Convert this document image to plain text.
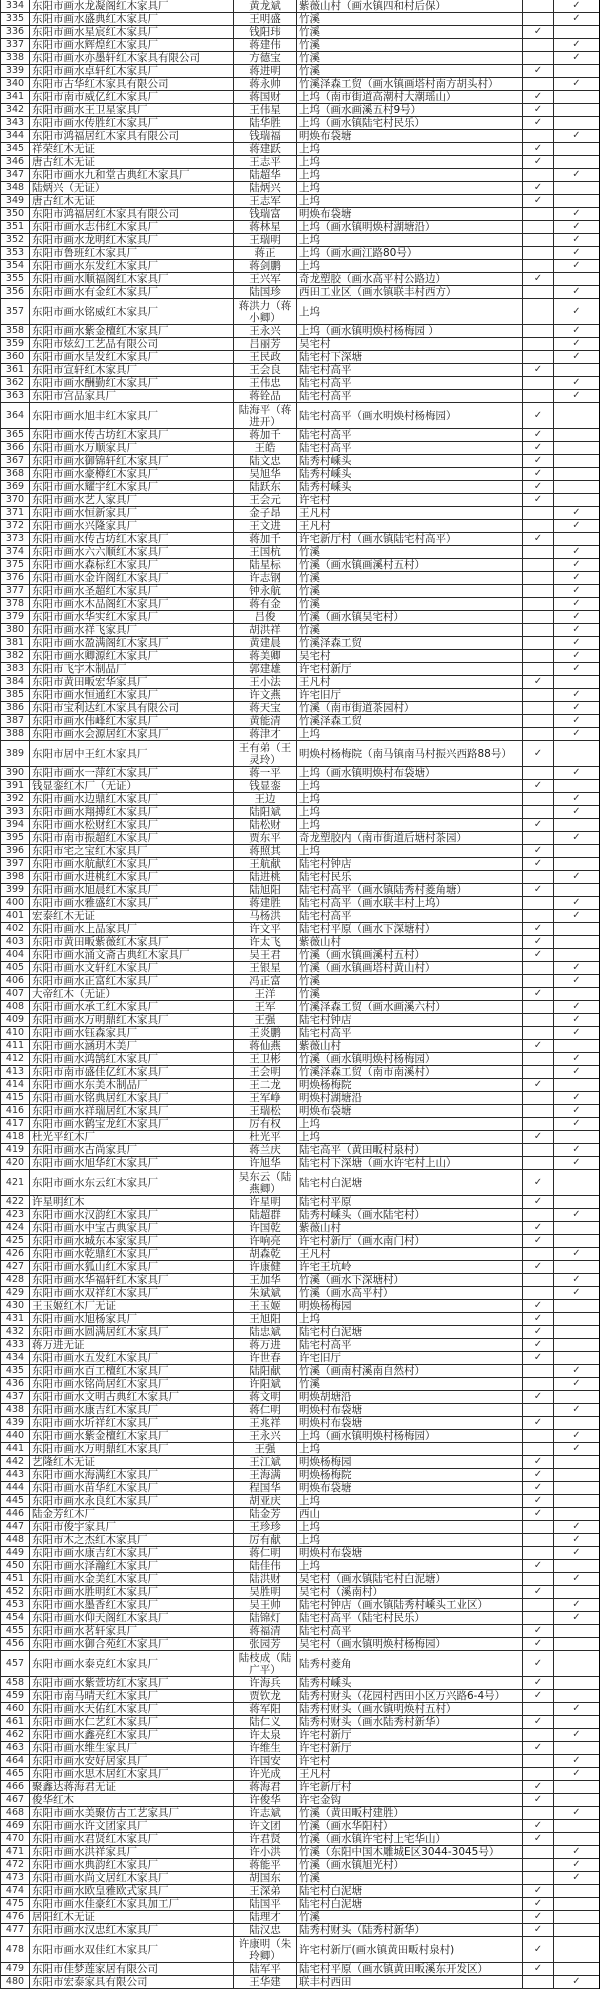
334	东阳市画水龙凝阁红木家具厂	黄龙斌	紫薇山村（画水镇四和村后保）		✓
335	东阳市画水盛典红木家具厂	王明盛	竹溪		✓
336	东阳市画水星宸红木家具厂	钱阳玮	竹溪	✓	
337	东阳市画水辉煌红木家具厂	蒋建伟	竹溪		✓
338	东阳市画水亦墨轩红木家具有限公司	方德宝	竹溪		✓
339	东阳市画水卓轩红木家具厂	蒋进明	竹溪	✓	
340	东阳市古华红木家具有限公司	蒋永帅	竹溪泽森工贸（画水镇画塔村南方胡头村）		✓
341	东阳市南市威亿红木家具厂	蒋国财	上坞（南市街道高潮村大潮瑶山）	✓	
342	东阳市画水王卫星家具厂	王伟星	上坞（画水画溪五村9号）	✓	
343	东阳市画水传胜红木家具厂	陆华胜	上坞（画水镇陆宅村民乐）	✓	
344	东阳市鸿福居红木家具有限公司	钱瑞福	明焕布袋塘		✓
345	祥荣红木无证	蒋建跃	上坞	✓	
346	唐古红木无证	王志平	上坞	✓	
347	东阳市画水九和堂古典红木家具厂	陆超华	上坞		✓
348	陆炳兴（无证）	陆炳兴	上坞	✓	
349	唐古红木无证	王志军	上坞	✓	
350	东阳市鸿福居红木家具有限公司	钱瑞富	明焕布袋塘		✓
351	东阳市画水志伟红木家具厂	蒋林星	上坞（画水镇明焕村湖塘沿）		✓
352	东阳市画水龙明红木家具厂	王瑞明	上坞		✓
353	东阳市鲁班红木家具厂	蒋正	上坞（画水画江路80号）		✓
354	东阳市画水东发红木家具厂	蒋剑鹏	上坞		✓
355	东阳市画水顺福阁红木家具厂	王兴军	奇龙塑胶（画水高平村公路边）	✓	
356	东阳市画水有金红木家具厂	陆国珍	西田工业区（画水镇联丰村西方）		✓
357	东阳市画水铭威红木家具厂	蒋洪力（蒋小卿）	上坞		✓
358	东阳市画水紫金檀红木家具厂	王永兴	上坞（画水镇明焕村杨梅园 ）		✓
359	东阳市炫幻工艺品有限公司	吕丽芳	吴宅村		✓
360	东阳市画水呈发红木家具厂	王民政	陆宅村下深塘		✓
361	东阳市宣轩红木家具厂	王会良	陆宅村高平	✓	
362	东阳市画水酬勤红木家具厂	王伟忠	陆宅村高平		✓
363	东阳市宫品家具厂	蒋铨品	陆宅村高平		✓
364	东阳市画水旭丰红木家具厂	陆海平（蒋进开）	陆宅村高平（画水明焕村杨梅园）	✓	
365	东阳市画水传古坊红木家具厂	蒋加千	陆宅村高平	✓	
366	东阳市画水万顺家具厂	王皓	陆宅村高平	✓	
367	东阳市画水御锦轩红木家具厂	陆文忠	陆秀村嵊头	✓	
368	东阳市画水豪樽红木家具厂	吴旭华	陆秀村嵊头	✓	
369	东阳市画水耀宇红木家具厂	陆跃东	陆秀村嵊头	✓	
370	东阳市画水艺人家具厂	王会元	许宅村	✓	
371	东阳市画水恒新家具厂	金子昂	王凡村		✓
372	东阳市画水兴隆家具厂	王文进	王凡村		✓
373	东阳市画水传古坊红木家具厂	蒋加千	许宅新厅村（画水镇陆宅村高平）	✓	
374	东阳市画水六六顺红木家具厂	王国杭	竹溪		✓
375	东阳市画水森标红木家具厂	陆星标	竹溪（画水镇画溪村五村）		✓
376	东阳市画水金许阁红木家具厂	许志钢	竹溪		✓
377	东阳市画水圣超红木家具厂	钟永航	竹溪		✓
378	东阳市画水木品阁红木家具厂	蒋有金	竹溪		✓
379	东阳市画水华实红木家具厂	吕俊	竹溪（画水镇吴宅村）		✓
380	东阳市画水祥飞家具厂	胡洪祥	竹溪		✓
381	东阳市画水盈满阁红木家具厂	黄建晨	竹溪泽森工贸		✓
382	东阳市画水卿源红木家具厂	蒋美卿	吴宅村		✓
383	东阳市飞宇木制品厂	郭建雄	许宅村新厅		✓
384	东阳市黄田畈宏华家具厂	王小法	王凡村	✓	
385	东阳市画水恒通红木家具厂	许文燕	许宅旧厅		✓
386	东阳市宝利达红木家具有限公司	蒋天宝	竹溪（南市街道茶园村）		✓
387	东阳市画水伟峰红木家具厂	黄能清	竹溪泽森工贸		✓
388	东阳市画水会源居红木家具厂	蒋津才	上坞		✓
389	东阳市居中王红木家具厂	王有弟（王灵玲）	明焕村杨梅院（南马镇南马村振兴西路88号）	✓	
390	东阳市画水一萍红木家具厂	蒋一平	上坞（画水镇明焕村布袋塘）		✓
391	钱显銮红木厂（无证）	钱显銮	上坞	✓	
392	东阳市画水边鼎红木家具厂	王边	上坞		✓
393	东阳市画水翔搏红木家具厂	陆阳斌	上坞		✓
394	东阳市画水松财红木家具厂	陆松财	上坞	✓	
395	东阳市南市振超红木家具厂	贾东平	奇龙塑胶内（南市街道后塘村茶园）		✓
396	东阳市宅之宝红木家具厂	蒋照其	上坞	✓	
397	东阳市画水航献红木家具厂	王航献	陆宅村钟店	✓	
398	东阳市画水进桃红木家具厂	陆进桃	陆宅村民乐		✓
399	东阳市画水旭晨红木家具厂	陆旭阳	陆宅村高平（画水镇陆秀村菱角塘）	✓	
400	东阳市画水雅盛红木家具厂	蒋建胜	陆宅村高平（画水联丰村上坞）		✓
401	宏泰红木无证	马杨洪	陆宅村高平		✓
402	东阳市画水上品家具厂	许文平	陆宅村平原（画水下深塘村）	✓	
403	东阳市黄田畈紫薇红木家具厂	许太飞	紫薇山村	✓	
404	东阳市画水涌文斋古典红木家具厂	吴王君	竹溪（画水镇画溪村五村）	✓	
405	东阳市画水文轩红木家具厂	王银星	竹溪（画水镇画塔村黄山村）		✓
406	东阳市画水正富红木家具厂	冯正富	竹溪		✓
407	大帝红木（无证）	王洋	竹溪	✓	
408	东阳市画水承工红木家具厂	王军	竹溪泽森工贸（画水画溪六村）		✓
409	东阳市画水万明鼎红木家具厂	王强	陆宅村钟店		✓
410	东阳市画水钰森家具厂	王炎鹏	陆宅村高平		✓
411	东阳市画水涵玥木美厂	蒋仙燕	紫薇山村	✓	
412	东阳市画水鸿鹄红木家具厂	王卫彬	竹溪（画水镇明焕村杨梅园）		✓
413	东阳市南市盛佳亿红木家具厂	王会明	竹溪泽森工贸（南市南溪村）		✓
414	东阳市画水东美木制品厂	王二龙	明焕杨梅院	✓	
415	东阳市画水铭典居红木家具厂	王军峥	明焕村湖塘沿		✓
416	东阳市画水祥瑞居红木家具厂	王瑞松	明焕布袋塘		✓
417	东阳市画水鹤宝龙红木家具厂	厉有权	上坞		✓
418	杜光平红木厂	杜光平	上坞	✓	
419	东阳市画水古尚家具厂	蒋兰庆	陆宅高平（黄田畈村泉村）		✓
420	东阳市画水旭华红木家具厂	许旭华	陆宅村下深塘（画水许宅村上山）		✓
421	东阳市画水东云红木家具厂	吴东云（陆燕卿）	陆宅村白泥塘	✓	
422	许星明红木	许星明	陆宅村平原	✓	
423	东阳市画水汉韵红木家具厂	陆超群	陆秀村嵊头（画水陆宅村）		✓
424	东阳市画水中宝古典家具厂	许国乾	紫薇山村	✓	
425	东阳市画水城东本家家具厂	许响亮	许宅村新厅（画水南门村）	✓	
426	东阳市画水乾鼎红木家具厂	胡森乾	王凡村		✓
427	东阳市画水狐山红木家具厂	许康健	许宅王坑岭	✓	
428	东阳市画水华福轩红木家具厂	王加华	竹溪（画水下深塘村）		✓
429	东阳市画水双祥红木家具厂	朱斌斌	竹溪（画水高平村）		✓
430	王玉姬红木厂无证	王玉姬	明焕杨梅园	✓	
431	东阳市画水旭杨家具厂	王旭阳	上坞	✓	
432	东阳市画水圆满居红木家具厂	陆忠斌	陆宅村白泥塘	✓	
433	蒋万进无证	蒋万进	陆宅村高平	✓	
434	东阳市画水五发红木家具厂	许世春	许宅旧厅	✓	
435	东阳市画水百工檀红木家具厂	陆阳献	竹溪（画南村溪南自然村）		✓
436	东阳市画水铭尚居红木家具厂	许阳斌	竹溪		✓
437	东阳市画水文明古典红木家具厂	蒋文明	明焕胡塘沿	✓	
438	东阳市画水康吉红木家具厂	蒋仁明	明焕村布袋塘		✓
439	东阳市画水圻祥红木家具厂	王兆祥	明焕村布袋塘	✓	
440	东阳市画水紫金檀红木家具厂	王永兴	上坞（画水镇明焕村杨梅园）		✓
441	东阳市画水万明鼎红木家具厂	王强	上坞		✓
442	艺隆红木无证	王江斌	明焕杨梅园	✓	
443	东阳市画水海满红木家具厂	王海满	明焕杨梅院	✓	
444	东阳市画水苗华红木家具厂	程国华	明焕布袋塘	✓	
445	东阳市画水永良红木家具厂	胡亚庆	上坞	✓	
446	陆金芳红木厂	陆金芳	西山	✓	
447	东阳市俊宇家具厂	王珍珍	上坞		✓
448	东阳市木之杰红木家具厂	厉有献	上坞		✓
449	东阳市画水康吉红木家具厂	蒋仁明	明焕村布袋塘		✓
450	东阳市画水泽瀚红木家具厂	陆佳伟	上坞	✓	
451	东阳市画水金美红木家具厂	陆洪财	吴宅村（画水镇陆宅村白泥塘）		✓
452	东阳市画水胜明红木家具厂	吴胜明	吴宅村（溪南村）	✓	
453	东阳市画水墨香红木家具厂	吴王帅	陆宅村钟店（画水镇陆秀村嵊头工业区）		✓
454	东阳市画水仰天阁红木家具厂	陆锦灯	陆宅村高平（陆宅村民乐）		✓
455	东阳市画水茗轩家具厂	蒋福清	陆宅村高平	✓	
456	东阳市画水御合苑红木家具厂	张园芳	吴宅村（画水镇明焕村杨梅园）	✓	
457	东阳市画水泰克红木家具厂	陆枝成（陆广平）	陆秀村菱角	✓	
458	东阳市画水紫萱坊红木家具厂	许海兵	陆秀村嵊头	✓	
459	东阳市南马晴天红木家具厂	贾钦龙	陆秀村财头（花园村西田小区万兴路6-4号）	✓	
460	东阳市画水天佑红木家具厂	蒋军阳	陆秀村财头（画水镇明焕村五村）		✓
461	东阳市画水仁艺红木家具厂	陆仁义	陆秀村财头（画水陆秀村新华）	✓	
462	东阳市画水鑫亮红木家具厂	许太泉	许宅村新厅		✓
463	东阳市画水维生家具厂	许维生	许宅村新厅	✓	
464	东阳市画水安好居家具厂	许国安	许宅村		✓
465	东阳市画水思木居红木家具厂	许光成	王凡村		✓
466	聚鑫达蒋海君无证	蒋海君	许宅新厅村	✓	
467	俊华红木	许俊华	许宅金钩	✓	
468	东阳市画水美聚仿古工艺家具厂	许志斌	竹溪（黄田畈村建胜）		✓
469	东阳市画水许文团家具厂	许文团	竹溪（画水华阳村）	✓	
470	东阳市画水君贤红木家具厂	许君贤	竹溪（画水镇许宅村上宅华山）	✓	
471	东阳市画水洪祥家具厂	许小洪	竹溪（东阳中国木雕城E区3044-3045号）		✓
472	东阳市画水典韵红木家具厂	蒋能平	竹溪（画水镇旭光村）		✓
473	东阳市画水尚文居红木家具厂	胡国东	竹溪		✓
474	东阳市画水欧皇雅欧式家具厂	王深弟	陆宅村白泥塘	✓	
475	东阳市画水佳豪红木家具加工厂	陆国平	陆宅村白泥塘	✓	
476	居阳红木无证	陆理才	竹溪	✓	
477	东阳市画水汉忠红木家具厂	陆汉忠	陆秀村财头（陆秀村新华）	✓	
478	东阳市画水双佳红木家具厂	许康明（朱玲卿）	许宅村新厅(画水镇黄田畈村泉村)	✓	
479	东阳市佳梦莲家居有限公司	陆军平	陆宅村平原（画水镇黄田畈溪东开发区）	✓	
480	东阳市宏泰家具有限公司	王华建	联丰村西田		✓
